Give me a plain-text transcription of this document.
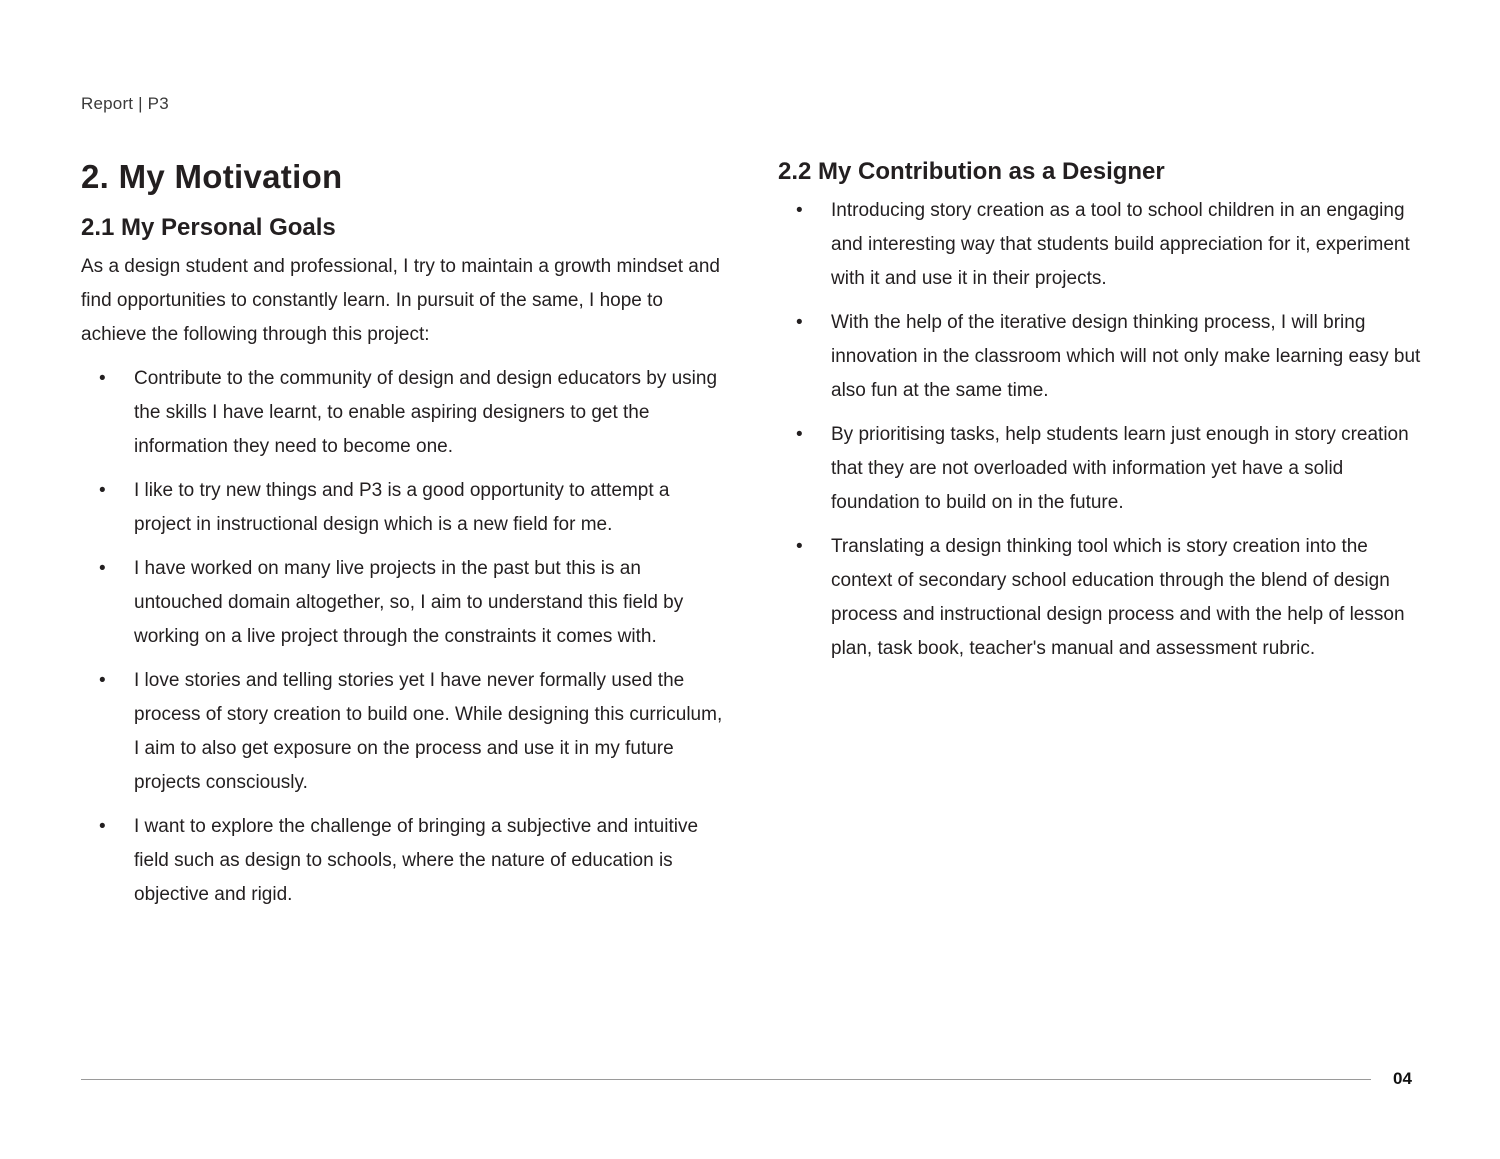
Report | P3
2. My Motivation
2.1 My Personal Goals

As a design student and professional, I try to maintain a growth mindset and find opportunities to constantly learn. In pursuit of the same, I hope to achieve the following through this project:

• Contribute to the community of design and design educators by using the skills I have learnt, to enable aspiring designers to get the information they need to become one.
• I like to try new things and P3 is a good opportunity to attempt a project in instructional design which is a new field for me.
• I have worked on many live projects in the past but this is an untouched domain altogether, so, I aim to understand this field by working on a live project through the constraints it comes with.
• I love stories and telling stories yet I have never formally used the process of story creation to build one. While designing this curriculum, I aim to also get exposure on the process and use it in my future projects consciously.
• I want to explore the challenge of bringing a subjective and intuitive field such as design to schools, where the nature of education is objective and rigid.
2.2 My Contribution as a Designer
• Introducing story creation as a tool to school children in an engaging and interesting way that students build appreciation for it, experiment with it and use it in their projects.
• With the help of the iterative design thinking process, I will bring innovation in the classroom which will not only make learning easy but also fun at the same time.
• By prioritising tasks, help students learn just enough in story creation that they are not overloaded with information yet have a solid foundation to build on in the future.
• Translating a design thinking tool which is story creation into the context of secondary school education through the blend of design process and instructional design process and with the help of lesson plan, task book, teacher's manual and assessment rubric.
04
